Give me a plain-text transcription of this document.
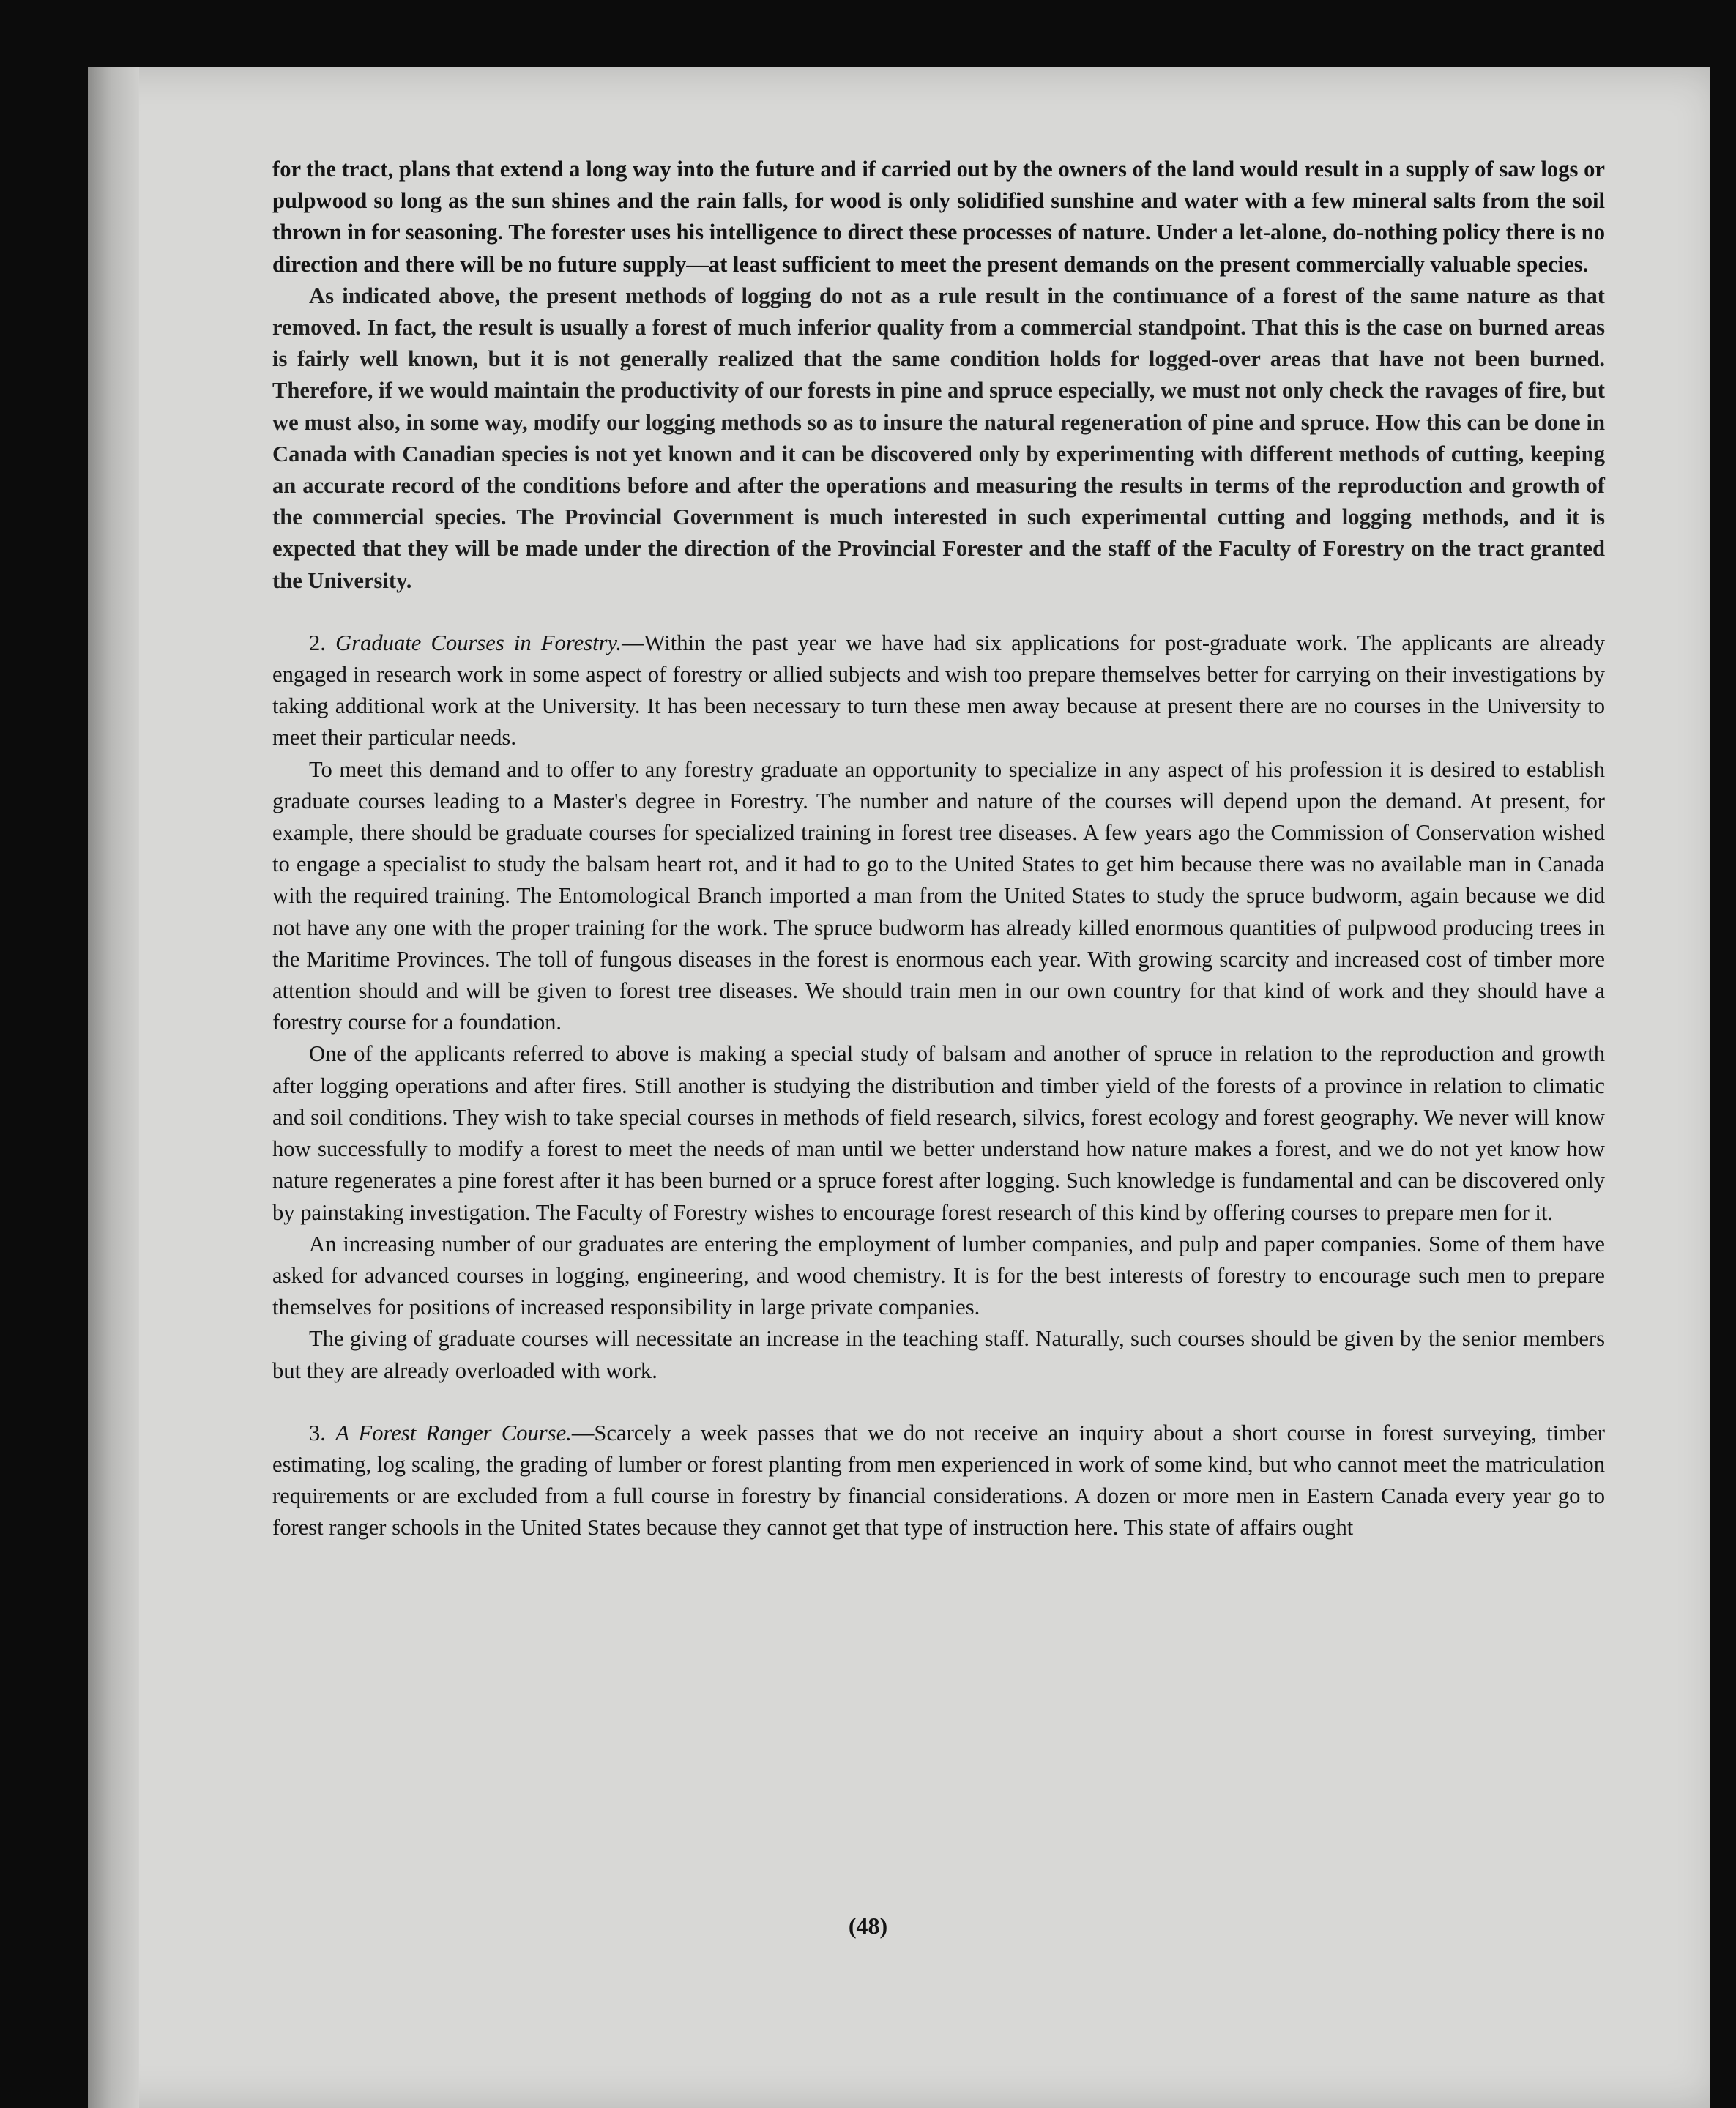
for the tract, plans that extend a long way into the future and if carried out by the owners of the land would result in a supply of saw logs or pulpwood so long as the sun shines and the rain falls, for wood is only solidified sunshine and water with a few mineral salts from the soil thrown in for seasoning. The forester uses his intelligence to direct these processes of nature. Under a let-alone, do-nothing policy there is no direction and there will be no future supply—at least sufficient to meet the present demands on the present commercially valuable species.

As indicated above, the present methods of logging do not as a rule result in the continuance of a forest of the same nature as that removed. In fact, the result is usually a forest of much inferior quality from a commercial standpoint. That this is the case on burned areas is fairly well known, but it is not generally realized that the same condition holds for logged-over areas that have not been burned. Therefore, if we would maintain the productivity of our forests in pine and spruce especially, we must not only check the ravages of fire, but we must also, in some way, modify our logging methods so as to insure the natural regeneration of pine and spruce. How this can be done in Canada with Canadian species is not yet known and it can be discovered only by experimenting with different methods of cutting, keeping an accurate record of the conditions before and after the operations and measuring the results in terms of the reproduction and growth of the commercial species. The Provincial Government is much interested in such experimental cutting and logging methods, and it is expected that they will be made under the direction of the Provincial Forester and the staff of the Faculty of Forestry on the tract granted the University.

2. Graduate Courses in Forestry.—Within the past year we have had six applications for post-graduate work. The applicants are already engaged in research work in some aspect of forestry or allied subjects and wish too prepare themselves better for carrying on their investigations by taking additional work at the University. It has been necessary to turn these men away because at present there are no courses in the University to meet their particular needs.

To meet this demand and to offer to any forestry graduate an opportunity to specialize in any aspect of his profession it is desired to establish graduate courses leading to a Master's degree in Forestry. The number and nature of the courses will depend upon the demand. At present, for example, there should be graduate courses for specialized training in forest tree diseases. A few years ago the Commission of Conservation wished to engage a specialist to study the balsam heart rot, and it had to go to the United States to get him because there was no available man in Canada with the required training. The Entomological Branch imported a man from the United States to study the spruce budworm, again because we did not have any one with the proper training for the work. The spruce budworm has already killed enormous quantities of pulpwood producing trees in the Maritime Provinces. The toll of fungous diseases in the forest is enormous each year. With growing scarcity and increased cost of timber more attention should and will be given to forest tree diseases. We should train men in our own country for that kind of work and they should have a forestry course for a foundation.

One of the applicants referred to above is making a special study of balsam and another of spruce in relation to the reproduction and growth after logging operations and after fires. Still another is studying the distribution and timber yield of the forests of a province in relation to climatic and soil conditions. They wish to take special courses in methods of field research, silvics, forest ecology and forest geography. We never will know how successfully to modify a forest to meet the needs of man until we better understand how nature makes a forest, and we do not yet know how nature regenerates a pine forest after it has been burned or a spruce forest after logging. Such knowledge is fundamental and can be discovered only by painstaking investigation. The Faculty of Forestry wishes to encourage forest research of this kind by offering courses to prepare men for it.

An increasing number of our graduates are entering the employment of lumber companies, and pulp and paper companies. Some of them have asked for advanced courses in logging, engineering, and wood chemistry. It is for the best interests of forestry to encourage such men to prepare themselves for positions of increased responsibility in large private companies.

The giving of graduate courses will necessitate an increase in the teaching staff. Naturally, such courses should be given by the senior members but they are already overloaded with work.

3. A Forest Ranger Course.—Scarcely a week passes that we do not receive an inquiry about a short course in forest surveying, timber estimating, log scaling, the grading of lumber or forest planting from men experienced in work of some kind, but who cannot meet the matriculation requirements or are excluded from a full course in forestry by financial considerations. A dozen or more men in Eastern Canada every year go to forest ranger schools in the United States because they cannot get that type of instruction here. This state of affairs ought

(48)
